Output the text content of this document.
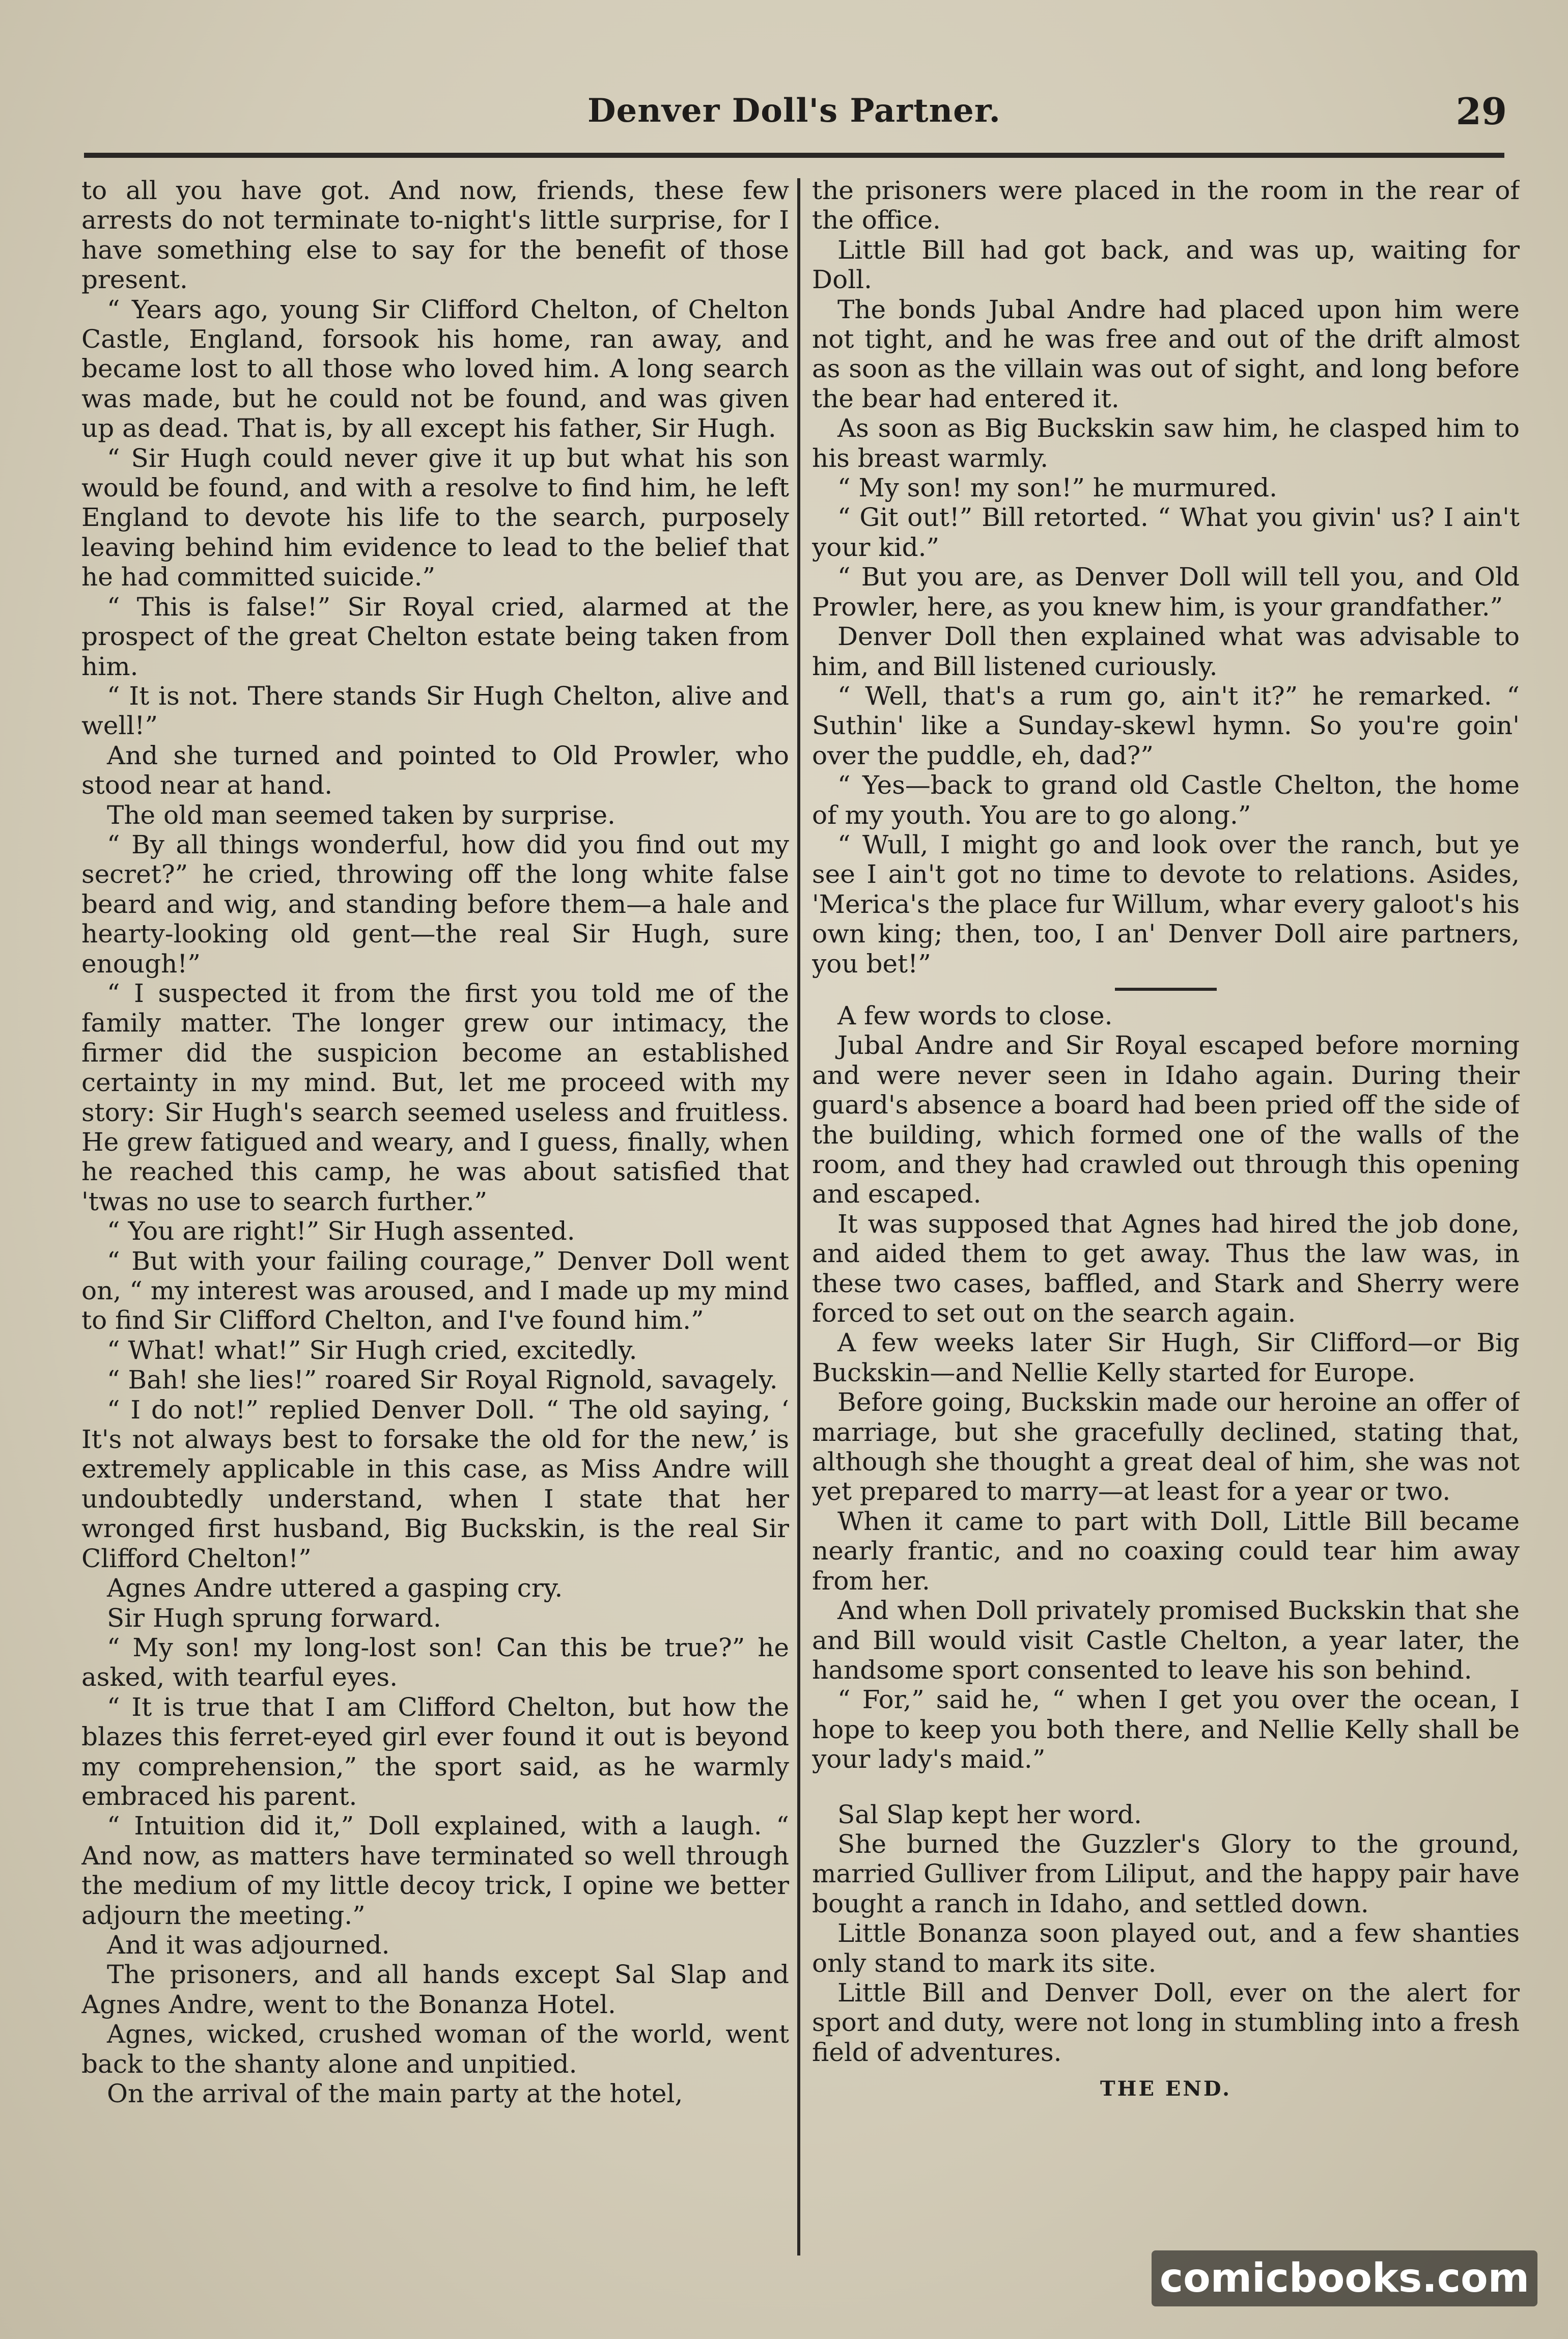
Denver Doll's Partner.	29

to all you have got. And now, friends, these few arrests do not terminate to-night's little surprise, for I have something else to say for the benefit of those present.

“ Years ago, young Sir Clifford Chelton, of Chelton Castle, England, forsook his home, ran away, and became lost to all those who loved him. A long search was made, but he could not be found, and was given up as dead. That is, by all except his father, Sir Hugh.

“ Sir Hugh could never give it up but what his son would be found, and with a resolve to find him, he left England to devote his life to the search, purposely leaving behind him evidence to lead to the belief that he had committed suicide.”

“ This is false!” Sir Royal cried, alarmed at the prospect of the great Chelton estate being taken from him.

“ It is not. There stands Sir Hugh Chelton, alive and well!”

And she turned and pointed to Old Prowler, who stood near at hand.

The old man seemed taken by surprise.

“ By all things wonderful, how did you find out my secret?” he cried, throwing off the long white false beard and wig, and standing before them—a hale and hearty-looking old gent—the real Sir Hugh, sure enough!”

“ I suspected it from the first you told me of the family matter. The longer grew our intimacy, the firmer did the suspicion become an established certainty in my mind. But, let me proceed with my story: Sir Hugh's search seemed useless and fruitless. He grew fatigued and weary, and I guess, finally, when he reached this camp, he was about satisfied that 'twas no use to search further.”

“ You are right!” Sir Hugh assented.

“ But with your failing courage,” Denver Doll went on, “ my interest was aroused, and I made up my mind to find Sir Clifford Chelton, and I've found him.”

“ What! what!” Sir Hugh cried, excitedly.

“ Bah! she lies!” roared Sir Royal Rignold, savagely.

“ I do not!” replied Denver Doll. “ The old saying, ‘ It's not always best to forsake the old for the new,’ is extremely applicable in this case, as Miss Andre will undoubtedly understand, when I state that her wronged first husband, Big Buckskin, is the real Sir Clifford Chelton!”

Agnes Andre uttered a gasping cry.

Sir Hugh sprung forward.

“ My son! my long-lost son! Can this be true?” he asked, with tearful eyes.

“ It is true that I am Clifford Chelton, but how the blazes this ferret-eyed girl ever found it out is beyond my comprehension,” the sport said, as he warmly embraced his parent.

“ Intuition did it,” Doll explained, with a laugh. “ And now, as matters have terminated so well through the medium of my little decoy trick, I opine we better adjourn the meeting.”

And it was adjourned.

The prisoners, and all hands except Sal Slap and Agnes Andre, went to the Bonanza Hotel.

Agnes, wicked, crushed woman of the world, went back to the shanty alone and unpitied.

On the arrival of the main party at the hotel,

the prisoners were placed in the room in the rear of the office.

Little Bill had got back, and was up, waiting for Doll.

The bonds Jubal Andre had placed upon him were not tight, and he was free and out of the drift almost as soon as the villain was out of sight, and long before the bear had entered it.

As soon as Big Buckskin saw him, he clasped him to his breast warmly.

“ My son! my son!” he murmured.

“ Git out!” Bill retorted. “ What you givin' us? I ain't your kid.”

“ But you are, as Denver Doll will tell you, and Old Prowler, here, as you knew him, is your grandfather.”

Denver Doll then explained what was advisable to him, and Bill listened curiously.

“ Well, that's a rum go, ain't it?” he remarked. “ Suthin' like a Sunday-skewl hymn. So you're goin' over the puddle, eh, dad?”

“ Yes—back to grand old Castle Chelton, the home of my youth. You are to go along.”

“ Wull, I might go and look over the ranch, but ye see I ain't got no time to devote to relations. Asides, 'Merica's the place fur Willum, whar every galoot's his own king; then, too, I an' Denver Doll aire partners, you bet!”

A few words to close.

Jubal Andre and Sir Royal escaped before morning and were never seen in Idaho again. During their guard's absence a board had been pried off the side of the building, which formed one of the walls of the room, and they had crawled out through this opening and escaped.

It was supposed that Agnes had hired the job done, and aided them to get away. Thus the law was, in these two cases, baffled, and Stark and Sherry were forced to set out on the search again.

A few weeks later Sir Hugh, Sir Clifford—or Big Buckskin—and Nellie Kelly started for Europe.

Before going, Buckskin made our heroine an offer of marriage, but she gracefully declined, stating that, although she thought a great deal of him, she was not yet prepared to marry—at least for a year or two.

When it came to part with Doll, Little Bill became nearly frantic, and no coaxing could tear him away from her.

And when Doll privately promised Buckskin that she and Bill would visit Castle Chelton, a year later, the handsome sport consented to leave his son behind.

“ For,” said he, “ when I get you over the ocean, I hope to keep you both there, and Nellie Kelly shall be your lady's maid.”

Sal Slap kept her word.

She burned the Guzzler's Glory to the ground, married Gulliver from Liliput, and the happy pair have bought a ranch in Idaho, and settled down.

Little Bonanza soon played out, and a few shanties only stand to mark its site.

Little Bill and Denver Doll, ever on the alert for sport and duty, were not long in stumbling into a fresh field of adventures.

THE END.
comicbooks.com
